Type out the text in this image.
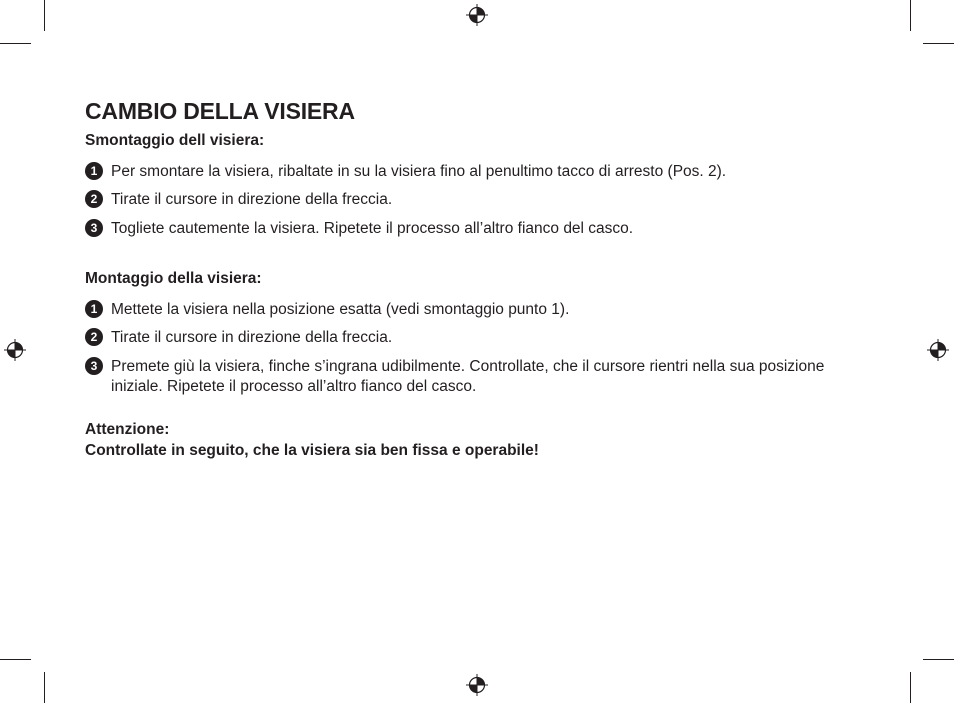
CAMBIO DELLA VISIERA

Smontaggio dell visiera:

1 Per smontare la visiera, ribaltate in su la visiera fino al penultimo tacco di arresto (Pos. 2).
2 Tirate il cursore in direzione della freccia.
3 Togliete cautemente la visiera. Ripetete il processo all’altro fianco del casco.

Montaggio della visiera:

1 Mettete la visiera nella posizione esatta (vedi smontaggio punto 1).
2 Tirate il cursore in direzione della freccia.
3 Premete giù la visiera, finche s’ingrana udibilmente. Controllate, che il cursore rientri nella sua posizione iniziale. Ripetete il processo all’altro fianco del casco.

Attenzione:

Controllate in seguito, che la visiera sia ben fissa e operabile!
